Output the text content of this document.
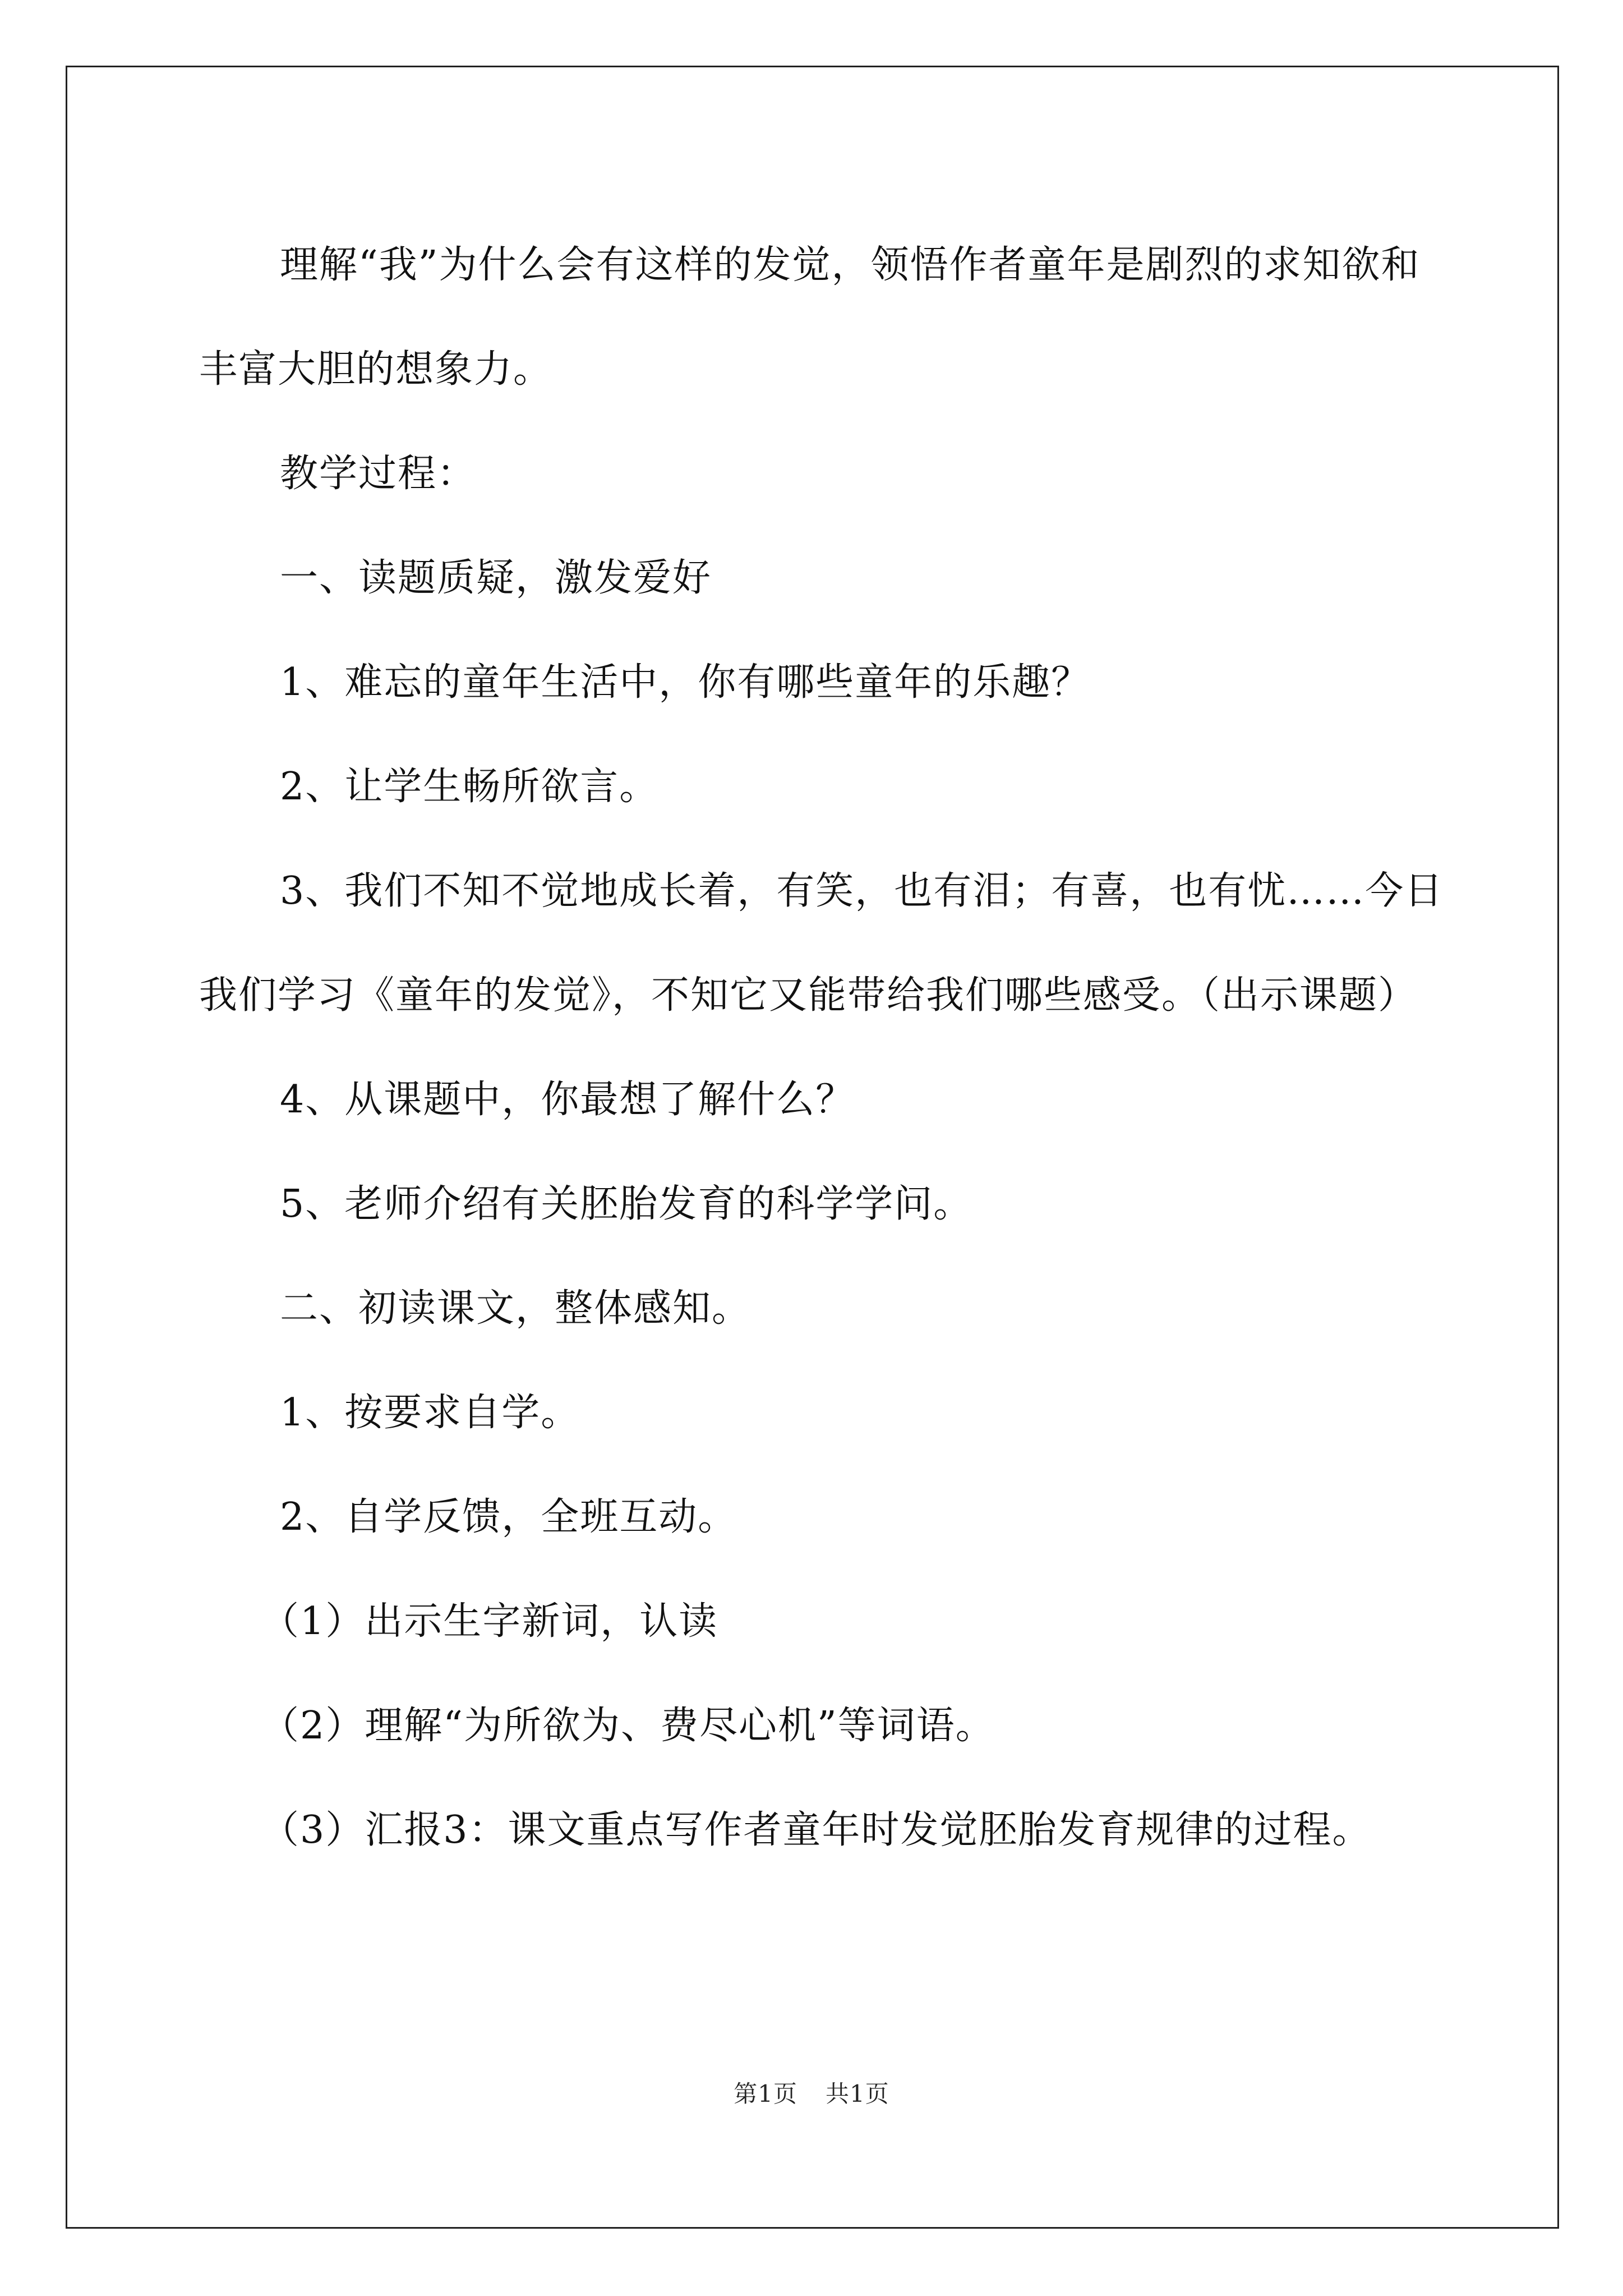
理解“我”为什么会有这样的发觉，领悟作者童年是剧烈的求知欲和丰富大胆的想象力。

教学过程：

一、读题质疑，激发爱好

1、难忘的童年生活中，你有哪些童年的乐趣？

2、让学生畅所欲言。

3、我们不知不觉地成长着，有笑，也有泪；有喜，也有忧……今日我们学习《童年的发觉》，不知它又能带给我们哪些感受。（出示课题）

4、从课题中，你最想了解什么？

5、老师介绍有关胚胎发育的科学学问。

二、初读课文，整体感知。

1、按要求自学。

2、自学反馈，全班互动。

（1）出示生字新词，认读

（2）理解“为所欲为、费尽心机”等词语。

（3）汇报3：课文重点写作者童年时发觉胚胎发育规律的过程。

第1页 共1页
